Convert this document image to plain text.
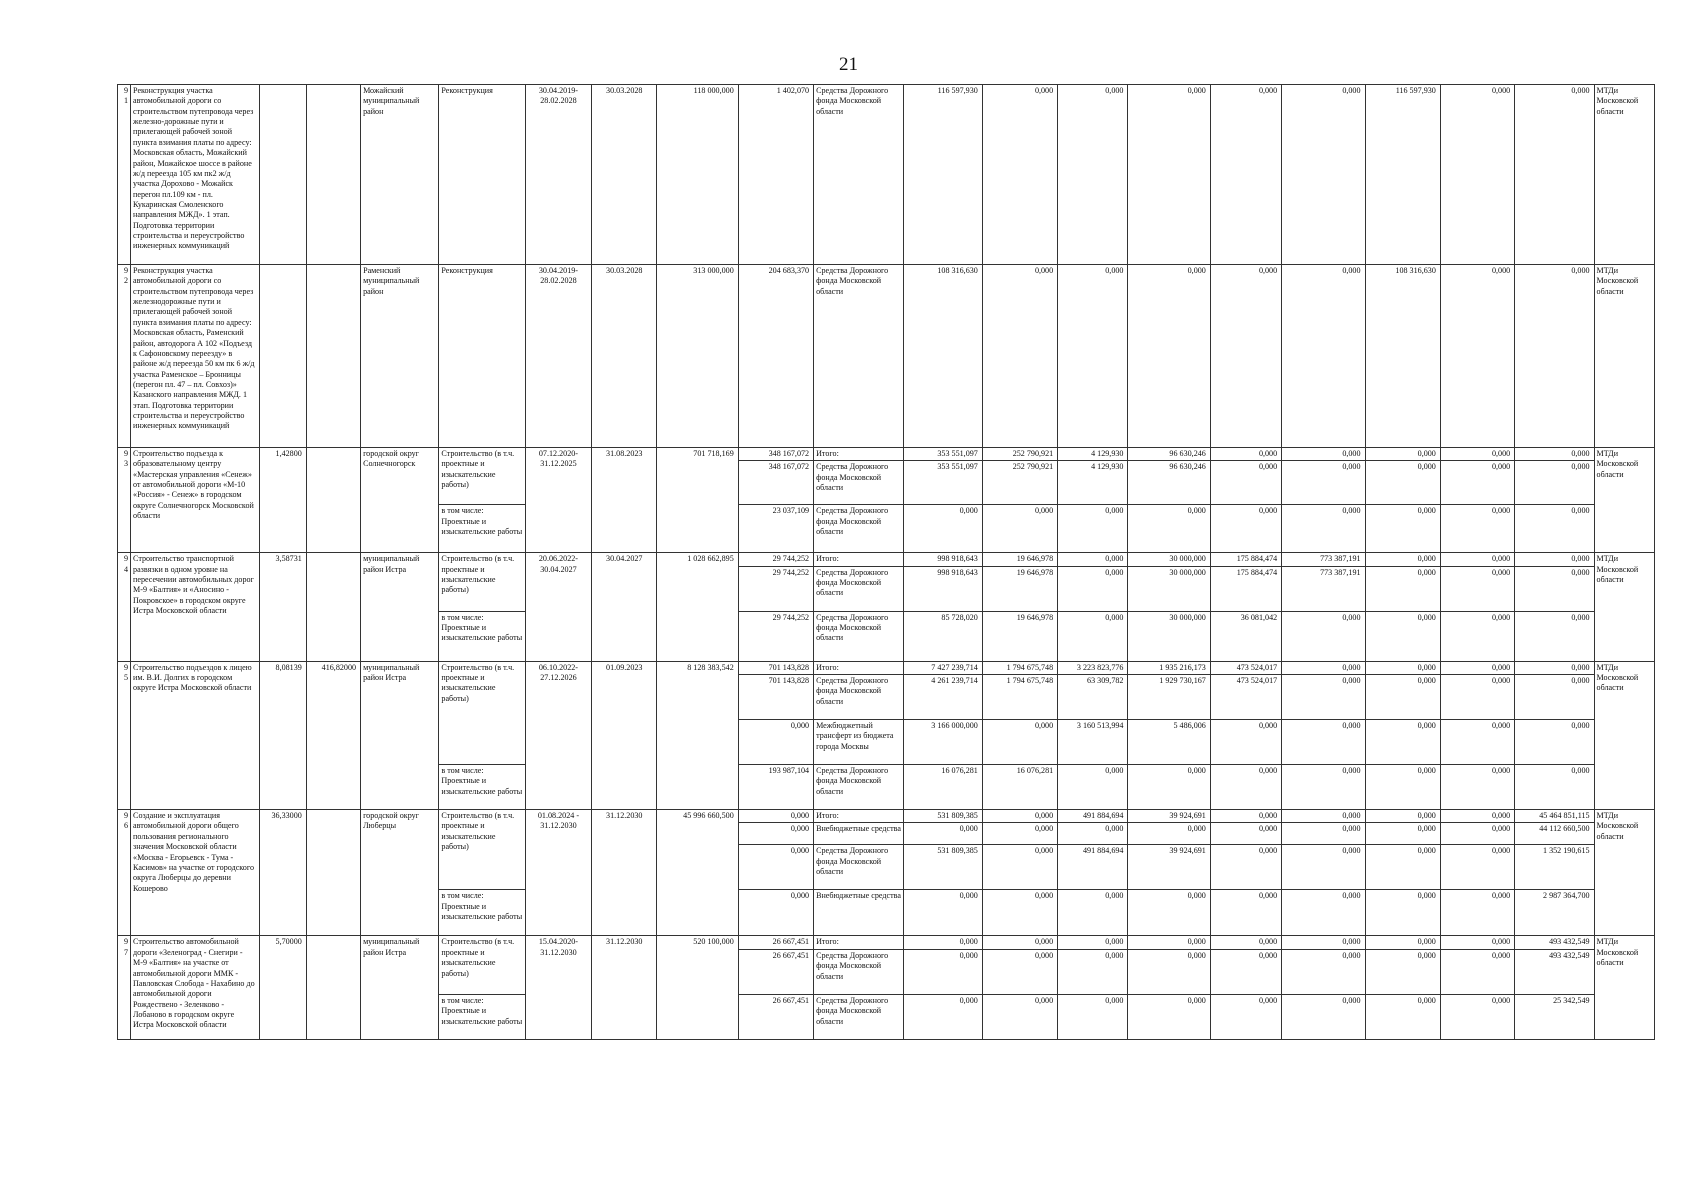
21
91	Реконструкция участка автомобильной дороги со строительством путепровода через железно-дорожные пути и прилегающей рабочей зоной пункта взимания платы по адресу: Московская область, Можайский район, Можайское шоссе в районе ж/д переезда 105 км пк2 ж/д участка Дорохово - Можайск перегон пл.109 км - пл. Кукаринская Смоленского направления МЖД». 1 этап. Подготовка территории строительства и переустройство инженерных коммуникаций			Можайский муниципальный район	Реконструкция	30.04.2019- 28.02.2028	30.03.2028	118 000,000	1 402,070	Средства Дорожного фонда Московской области	116 597,930	0,000	0,000	0,000	0,000	0,000	116 597,930	0,000	0,000	МТДи Московской области
92	Реконструкция участка автомобильной дороги со строительством путепровода через железнодорожные пути и прилегающей рабочей зоной пункта взимания платы по адресу: Московская область, Раменский район, автодорога А 102 «Подъезд к Сафоновскому переезду» в районе ж/д переезда 50 км пк 6 ж/д участка Раменское – Бронницы (перегон пл. 47 – пл. Совхоз)» Казанского направления МЖД. 1 этап. Подготовка территории строительства и переустройство инженерных коммуникаций			Раменский муниципальный район	Реконструкция	30.04.2019- 28.02.2028	30.03.2028	313 000,000	204 683,370	Средства Дорожного фонда Московской области	108 316,630	0,000	0,000	0,000	0,000	0,000	108 316,630	0,000	0,000	МТДи Московской области
93	Строительство подъезда к образовательному центру «Мастерская управления «Сенеж» от автомобильной дороги «М-10 «Россия» - Сенеж» в городском округе Солнечногорск Московской области	1,42800		городской округ Солнечногорск	Строительство (в т.ч. проектные и изыскательские работы)	07.12.2020- 31.12.2025	31.08.2023	701 718,169	348 167,072	Итого:	353 551,097	252 790,921	4 129,930	96 630,246	0,000	0,000	0,000	0,000	0,000	МТДи Московской области
									348 167,072	Средства Дорожного фонда Московской области	353 551,097	252 790,921	4 129,930	96 630,246	0,000	0,000	0,000	0,000	0,000	
					в том числе: Проектные и изыскательские работы				23 037,109	Средства Дорожного фонда Московской области	0,000	0,000	0,000	0,000	0,000	0,000	0,000	0,000	0,000	
94	Строительство транспортной развязки в одном уровне на пересечении автомобильных дорог М-9 «Балтия» и «Аносино - Покровское» в городском округе Истра Московской области	3,58731		муниципальный район Истра	Строительство (в т.ч. проектные и изыскательские работы)	20.06.2022- 30.04.2027	30.04.2027	1 028 662,895	29 744,252	Итого:	998 918,643	19 646,978	0,000	30 000,000	175 884,474	773 387,191	0,000	0,000	0,000	МТДи Московской области
									29 744,252	Средства Дорожного фонда Московской области	998 918,643	19 646,978	0,000	30 000,000	175 884,474	773 387,191	0,000	0,000	0,000	
					в том числе: Проектные и изыскательские работы				29 744,252	Средства Дорожного фонда Московской области	85 728,020	19 646,978	0,000	30 000,000	36 081,042	0,000	0,000	0,000	0,000	
95	Строительство подъездов к лицею им. В.И. Долгих в городском округе Истра Московской области	8,08139	416,82000	муниципальный район Истра	Строительство (в т.ч. проектные и изыскательские работы)	06.10.2022- 27.12.2026	01.09.2023	8 128 383,542	701 143,828	Итого:	7 427 239,714	1 794 675,748	3 223 823,776	1 935 216,173	473 524,017	0,000	0,000	0,000	0,000	МТДи Московской области
									701 143,828	Средства Дорожного фонда Московской области	4 261 239,714	1 794 675,748	63 309,782	1 929 730,167	473 524,017	0,000	0,000	0,000	0,000	
									0,000	Межбюджетный трансферт из бюджета города Москвы	3 166 000,000	0,000	3 160 513,994	5 486,006	0,000	0,000	0,000	0,000	0,000	
					в том числе: Проектные и изыскательские работы				193 987,104	Средства Дорожного фонда Московской области	16 076,281	16 076,281	0,000	0,000	0,000	0,000	0,000	0,000	0,000	
96	Создание и эксплуатация автомобильной дороги общего пользования регионального значения Московской области «Москва - Егорьевск - Тума - Касимов» на участке от городского округа Люберцы до деревни Кошерово	36,33000		городской округ Люберцы	Строительство (в т.ч. проектные и изыскательские работы)	01.08.2024 - 31.12.2030	31.12.2030	45 996 660,500	0,000	Итого:	531 809,385	0,000	491 884,694	39 924,691	0,000	0,000	0,000	0,000	45 464 851,115	МТДи Московской области
									0,000	Внебюджетные средства	0,000	0,000	0,000	0,000	0,000	0,000	0,000	0,000	44 112 660,500	
									0,000	Средства Дорожного фонда Московской области	531 809,385	0,000	491 884,694	39 924,691	0,000	0,000	0,000	0,000	1 352 190,615	
					в том числе: Проектные и изыскательские работы				0,000	Внебюджетные средства	0,000	0,000	0,000	0,000	0,000	0,000	0,000	0,000	2 987 364,700	
97	Строительство автомобильной дороги «Зеленоград - Снегири - М-9 «Балтия» на участке от автомобильной дороги ММК - Павловская Слобода - Нахабино до автомобильной дороги Рождествено - Зеленково - Лобаново в городском округе Истра Московской области	5,70000		муниципальный район Истра	Строительство (в т.ч. проектные и изыскательские работы)	15.04.2020- 31.12.2030	31.12.2030	520 100,000	26 667,451	Итого:	0,000	0,000	0,000	0,000	0,000	0,000	0,000	0,000	493 432,549	МТДи Московской области
									26 667,451	Средства Дорожного фонда Московской области	0,000	0,000	0,000	0,000	0,000	0,000	0,000	0,000	493 432,549	
					в том числе: Проектные и изыскательские работы				26 667,451	Средства Дорожного фонда Московской области	0,000	0,000	0,000	0,000	0,000	0,000	0,000	0,000	25 342,549	
